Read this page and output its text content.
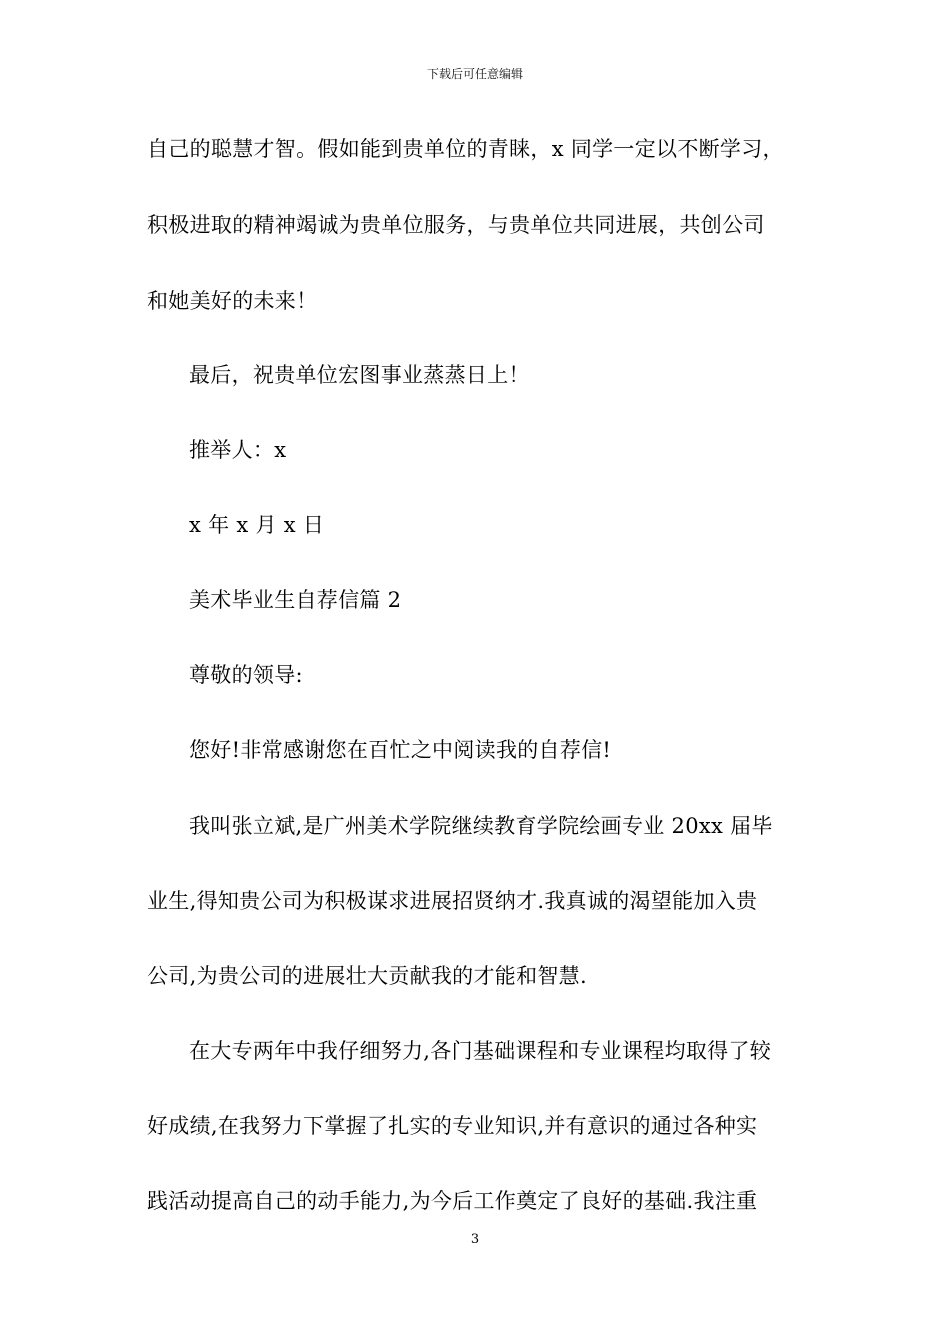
下载后可任意编辑
自己的聪慧才智。假如能到贵单位的青睐，x 同学一定以不断学习，
积极进取的精神竭诚为贵单位服务，与贵单位共同进展，共创公司
和她美好的未来！
最后，祝贵单位宏图事业蒸蒸日上！
推举人：x
x 年 x 月 x 日
美术毕业生自荐信篇 2
尊敬的领导:
您好!非常感谢您在百忙之中阅读我的自荐信!
我叫张立斌,是广州美术学院继续教育学院绘画专业 20xx 届毕
业生,得知贵公司为积极谋求进展招贤纳才.我真诚的渴望能加入贵
公司,为贵公司的进展壮大贡献我的才能和智慧.
在大专两年中我仔细努力,各门基础课程和专业课程均取得了较
好成绩,在我努力下掌握了扎实的专业知识,并有意识的通过各种实
践活动提高自己的动手能力,为今后工作奠定了良好的基础.我注重
3
